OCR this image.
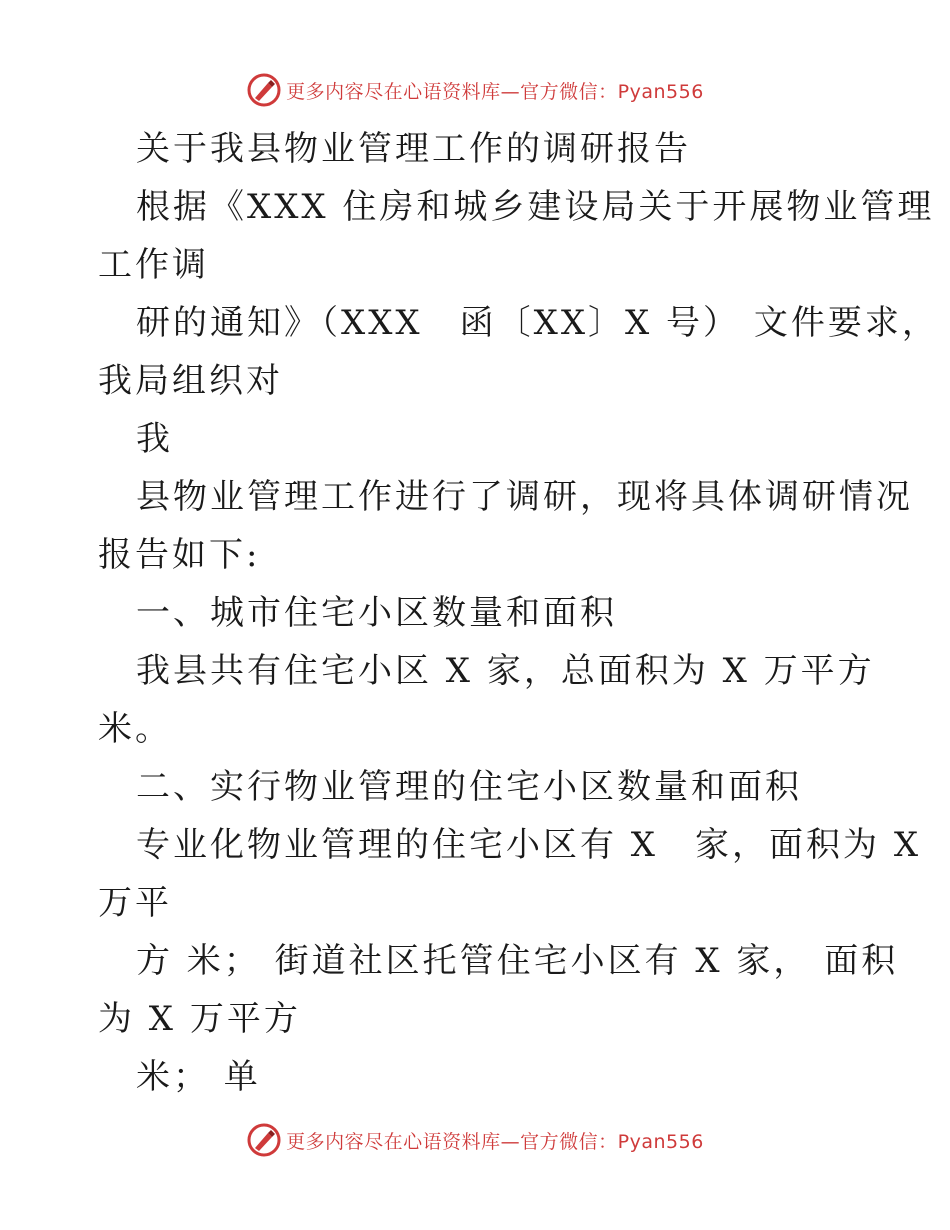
更多内容尽在心语资料库—官方微信：Pyan556
关于我县物业管理工作的调研报告
根据《XXX 住房和城乡建设局关于开展物业管理
工作调
研的通知》（XXX　函〔XX〕X 号） 文件要求，
我局组织对
我
县物业管理工作进行了调研，现将具体调研情况
报告如下:
一、城市住宅小区数量和面积
我县共有住宅小区 X 家，总面积为 X 万平方
米。
二、实行物业管理的住宅小区数量和面积
专业化物业管理的住宅小区有 X　家，面积为 X
万平
方 米； 街道社区托管住宅小区有 X 家， 面积
为 X 万平方
米； 单
更多内容尽在心语资料库—官方微信：Pyan556
